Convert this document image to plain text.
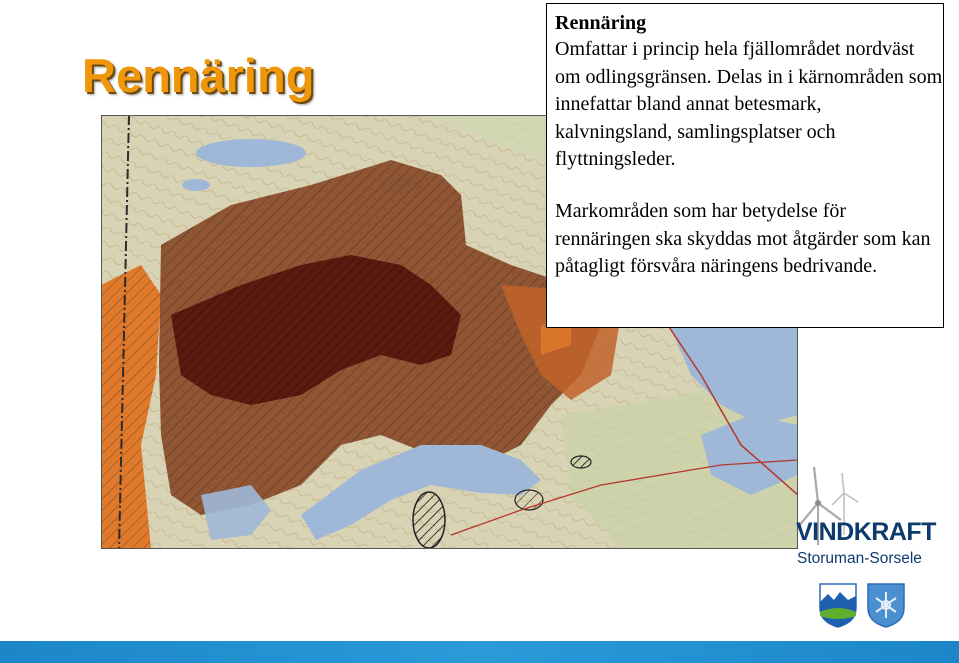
Rennäring

Rennäring

Omfattar i princip hela fjällområdet nordväst om odlingsgränsen. Delas in i kärnområden som innefattar bland annat betesmark, kalvningsland, samlingsplatser och flyttningsleder.

Markområden som har betydelse för rennäringen ska skyddas mot åtgärder som kan påtagligt försvåra näringens bedrivande.

VINDKRAFT
Storuman-Sorsele
